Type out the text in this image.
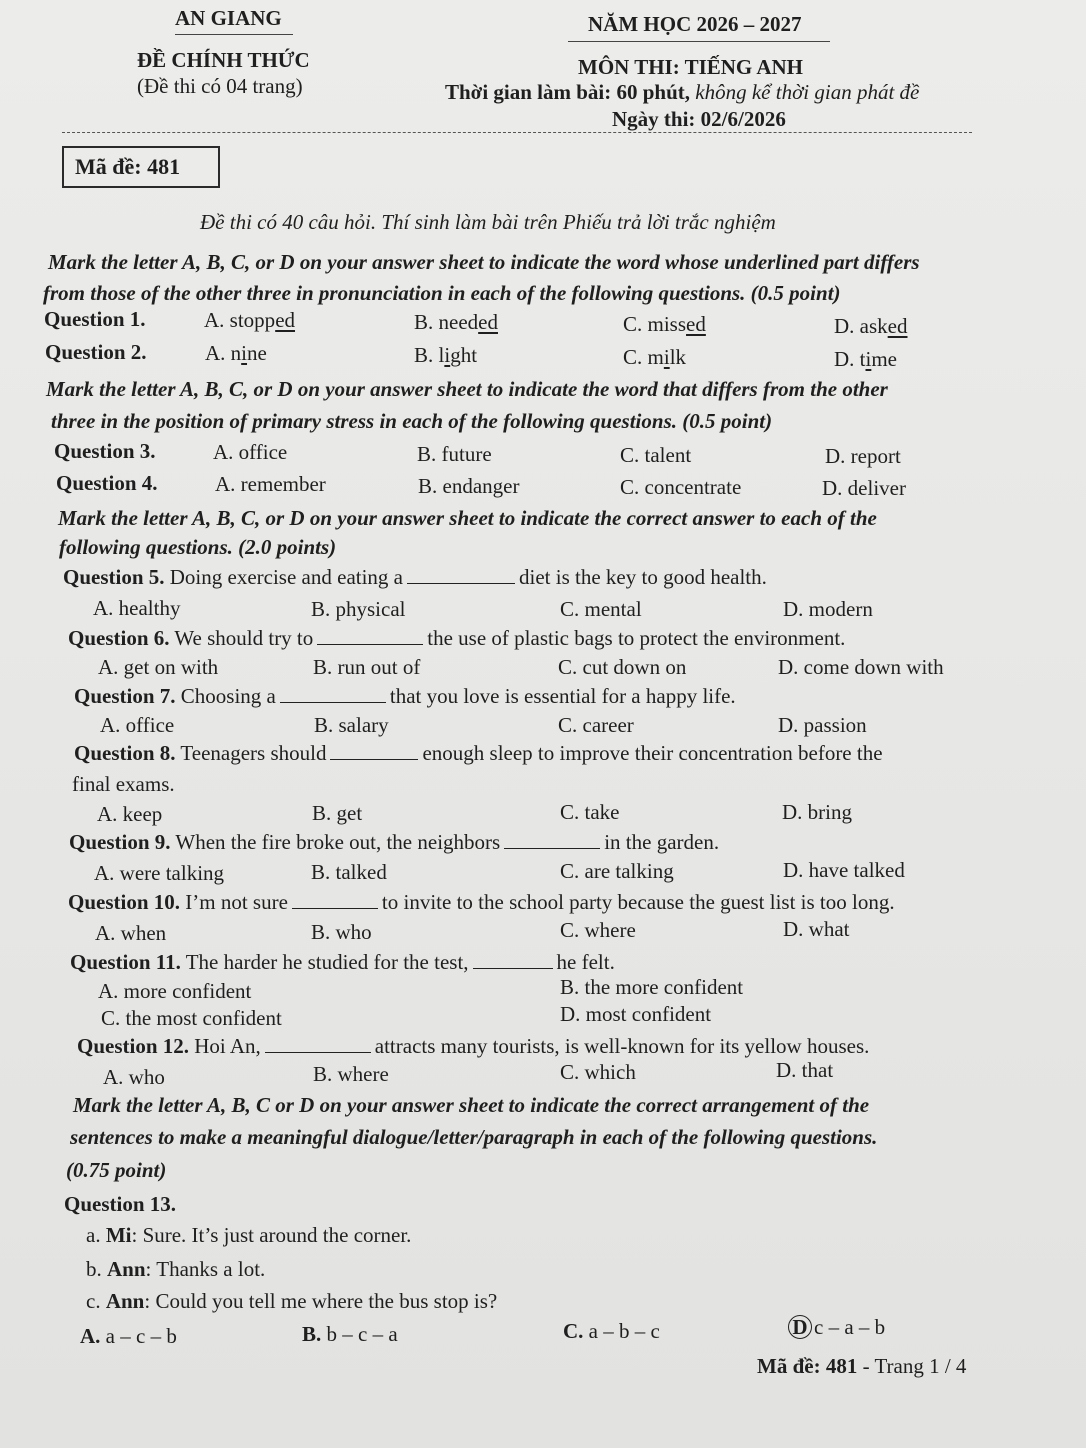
AN GIANG	NĂM HỌC 2026 – 2027
ĐỀ CHÍNH THỨC
(Đề thi có 04 trang)
MÔN THI: TIẾNG ANH
Thời gian làm bài: 60 phút, không kể thời gian phát đề
Ngày thi: 02/6/2026
Mã đề: 481
Đề thi có 40 câu hỏi. Thí sinh làm bài trên Phiếu trả lời trắc nghiệm
Mark the letter A, B, C, or D on your answer sheet to indicate the word whose underlined part differs
from those of the other three in pronunciation in each of the following questions. (0.5 point)
Question 1.	A. stopped	B. needed	C. missed	D. asked
Question 2.	A. nine	B. light	C. milk	D. time
Mark the letter A, B, C, or D on your answer sheet to indicate the word that differs from the other
three in the position of primary stress in each of the following questions. (0.5 point)
Question 3.	A. office	B. future	C. talent	D. report
Question 4.	A. remember	B. endanger	C. concentrate	D. deliver
Mark the letter A, B, C, or D on your answer sheet to indicate the correct answer to each of the
following questions. (2.0 points)
Question 5. Doing exercise and eating a	diet is the key to good health.
A. healthy	B. physical	C. mental	D. modern
Question 6. We should try to	the use of plastic bags to protect the environment.
A. get on with	B. run out of	C. cut down on	D. come down with
Question 7. Choosing a	that you love is essential for a happy life.
A. office	B. salary	C. career	D. passion
Question 8. Teenagers should	enough sleep to improve their concentration before the
final exams.
A. keep	B. get	C. take	D. bring
Question 9. When the fire broke out, the neighbors	in the garden.
A. were talking	B. talked	C. are talking	D. have talked
Question 10. I’m not sure	to invite to the school party because the guest list is too long.
A. when	B. who	C. where	D. what
Question 11. The harder he studied for the test,	he felt.
A. more confident	B. the more confident
C. the most confident	D. most confident
Question 12. Hoi An,	attracts many tourists, is well-known for its yellow houses.
A. who	B. where	C. which	D. that
Mark the letter A, B, C or D on your answer sheet to indicate the correct arrangement of the
sentences to make a meaningful dialogue/letter/paragraph in each of the following questions.
(0.75 point)
Question 13.
a. Mi: Sure. It’s just around the corner.
b. Ann: Thanks a lot.
c. Ann: Could you tell me where the bus stop is?
A. a – c – b	B. b – c – a	C. a – b – c	D c – a – b
Mã đề: 481 - Trang 1 / 4
